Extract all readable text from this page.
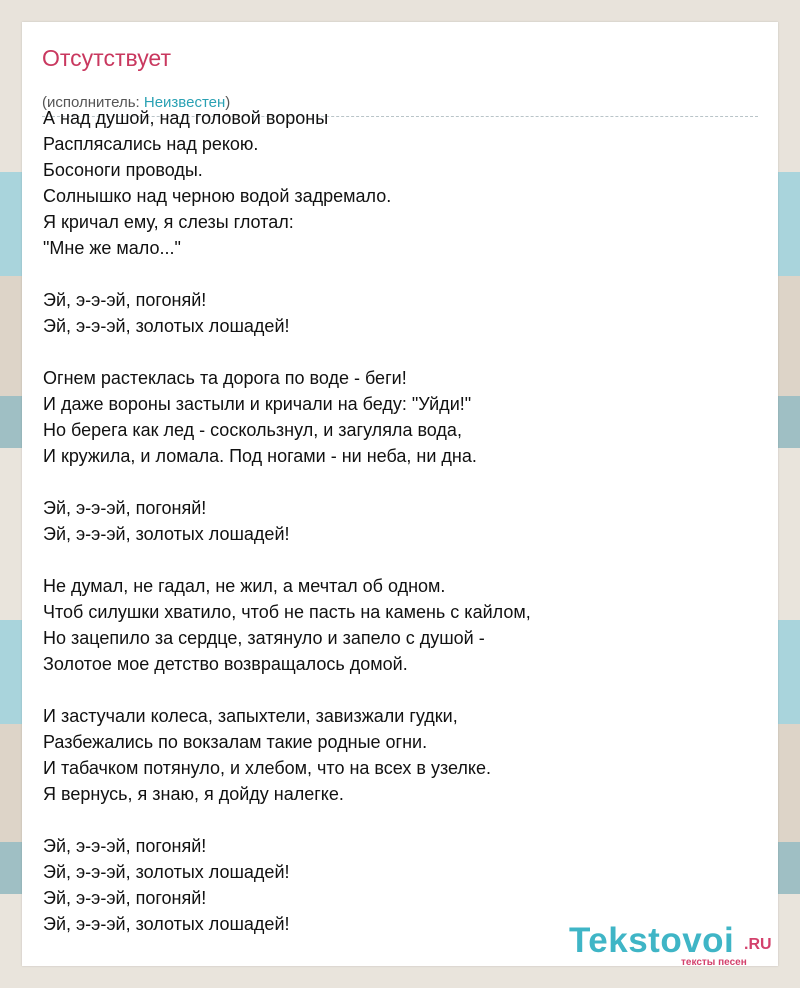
Отсутствует
(исполнитель: Неизвестен)
А над душой, над головой вороны
Расплясались над рекою.
Босоноги проводы.
Солнышко над черною водой задремало.
Я кричал ему, я слезы глотал:
"Мне же мало..."
Эй, э-э-эй, погоняй!
Эй, э-э-эй, золотых лошадей!
Огнем растеклась та дорога по воде - беги!
И даже вороны застыли и кричали на беду: "Уйди!"
Но берега как лед - соскользнул, и загуляла вода,
И кружила, и ломала. Под ногами - ни неба, ни дна.
Эй, э-э-эй, погоняй!
Эй, э-э-эй, золотых лошадей!
Не думал, не гадал, не жил, а мечтал об одном.
Чтоб силушки хватило, чтоб не пасть на камень с кайлом,
Но зацепило за сердце, затянуло и запело с душой -
Золотое мое детство возвращалось домой.
И застучали колеса, запыхтели, завизжали гудки,
Разбежались по вокзалам такие родные огни.
И табачком потянуло, и хлебом, что на всех в узелке.
Я вернусь, я знаю, я дойду налегке.
Эй, э-э-эй, погоняй!
Эй, э-э-эй, золотых лошадей!
Эй, э-э-эй, погоняй!
Эй, э-э-эй, золотых лошадей!	Tekstovoi .RU
тексты песен
